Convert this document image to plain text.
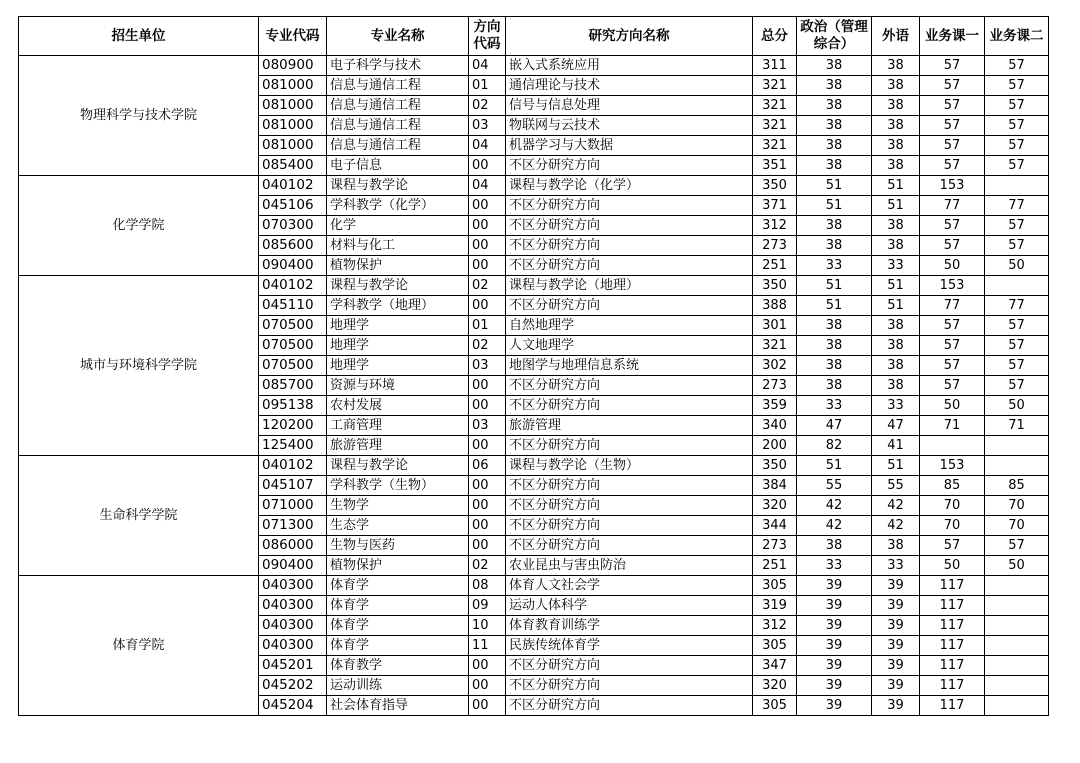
招生单位	专业代码	专业名称	方向代码	研究方向名称	总分	政治（管理综合）	外语	业务课一	业务课二
物理科学与技术学院	080900	电子科学与技术	04	嵌入式系统应用	311	38	38	57	57
	081000	信息与通信工程	01	通信理论与技术	321	38	38	57	57
	081000	信息与通信工程	02	信号与信息处理	321	38	38	57	57
	081000	信息与通信工程	03	物联网与云技术	321	38	38	57	57
	081000	信息与通信工程	04	机器学习与大数据	321	38	38	57	57
	085400	电子信息	00	不区分研究方向	351	38	38	57	57
化学学院	040102	课程与教学论	04	课程与教学论（化学）	350	51	51	153	
	045106	学科教学（化学）	00	不区分研究方向	371	51	51	77	77
	070300	化学	00	不区分研究方向	312	38	38	57	57
	085600	材料与化工	00	不区分研究方向	273	38	38	57	57
	090400	植物保护	00	不区分研究方向	251	33	33	50	50
城市与环境科学学院	040102	课程与教学论	02	课程与教学论（地理）	350	51	51	153	
	045110	学科教学（地理）	00	不区分研究方向	388	51	51	77	77
	070500	地理学	01	自然地理学	301	38	38	57	57
	070500	地理学	02	人文地理学	321	38	38	57	57
	070500	地理学	03	地图学与地理信息系统	302	38	38	57	57
	085700	资源与环境	00	不区分研究方向	273	38	38	57	57
	095138	农村发展	00	不区分研究方向	359	33	33	50	50
	120200	工商管理	03	旅游管理	340	47	47	71	71
	125400	旅游管理	00	不区分研究方向	200	82	41		
生命科学学院	040102	课程与教学论	06	课程与教学论（生物）	350	51	51	153	
	045107	学科教学（生物）	00	不区分研究方向	384	55	55	85	85
	071000	生物学	00	不区分研究方向	320	42	42	70	70
	071300	生态学	00	不区分研究方向	344	42	42	70	70
	086000	生物与医药	00	不区分研究方向	273	38	38	57	57
	090400	植物保护	02	农业昆虫与害虫防治	251	33	33	50	50
体育学院	040300	体育学	08	体育人文社会学	305	39	39	117	
	040300	体育学	09	运动人体科学	319	39	39	117	
	040300	体育学	10	体育教育训练学	312	39	39	117	
	040300	体育学	11	民族传统体育学	305	39	39	117	
	045201	体育教学	00	不区分研究方向	347	39	39	117	
	045202	运动训练	00	不区分研究方向	320	39	39	117	
	045204	社会体育指导	00	不区分研究方向	305	39	39	117	
